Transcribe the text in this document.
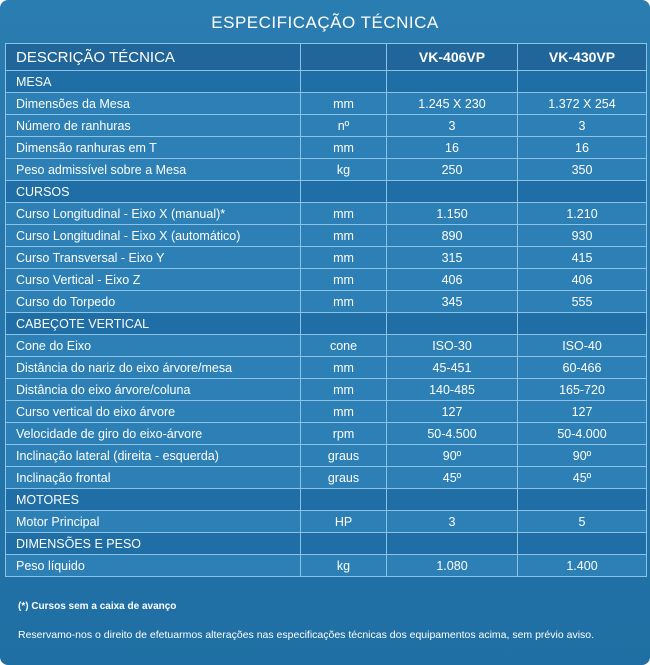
ESPECIFICAÇÃO TÉCNICA
DESCRIÇÃO TÉCNICA		VK-406VP	VK-430VP
MESA			
Dimensões da Mesa	mm	1.245 X 230	1.372 X 254
Número de ranhuras	nº	3	3
Dimensão ranhuras em T	mm	16	16
Peso admissível sobre a Mesa	kg	250	350
CURSOS			
Curso Longitudinal - Eixo X (manual)*	mm	1.150	1.210
Curso Longitudinal - Eixo X (automático)	mm	890	930
Curso Transversal - Eixo Y	mm	315	415
Curso Vertical - Eixo Z	mm	406	406
Curso do Torpedo	mm	345	555
CABEÇOTE VERTICAL			
Cone do Eixo	cone	ISO-30	ISO-40
Distância do nariz do eixo árvore/mesa	mm	45-451	60-466
Distância do eixo árvore/coluna	mm	140-485	165-720
Curso vertical do eixo árvore	mm	127	127
Velocidade de giro do eixo-árvore	rpm	50-4.500	50-4.000
Inclinação lateral (direita - esquerda)	graus	90º	90º
Inclinação frontal	graus	45º	45º
MOTORES			
Motor Principal	HP	3	5
DIMENSÕES E PESO			
Peso líquido	kg	1.080	1.400
(*) Cursos sem a caixa de avanço
Reservamo-nos o direito de efetuarmos alterações nas especificações técnicas dos equipamentos acima, sem prévio aviso.
